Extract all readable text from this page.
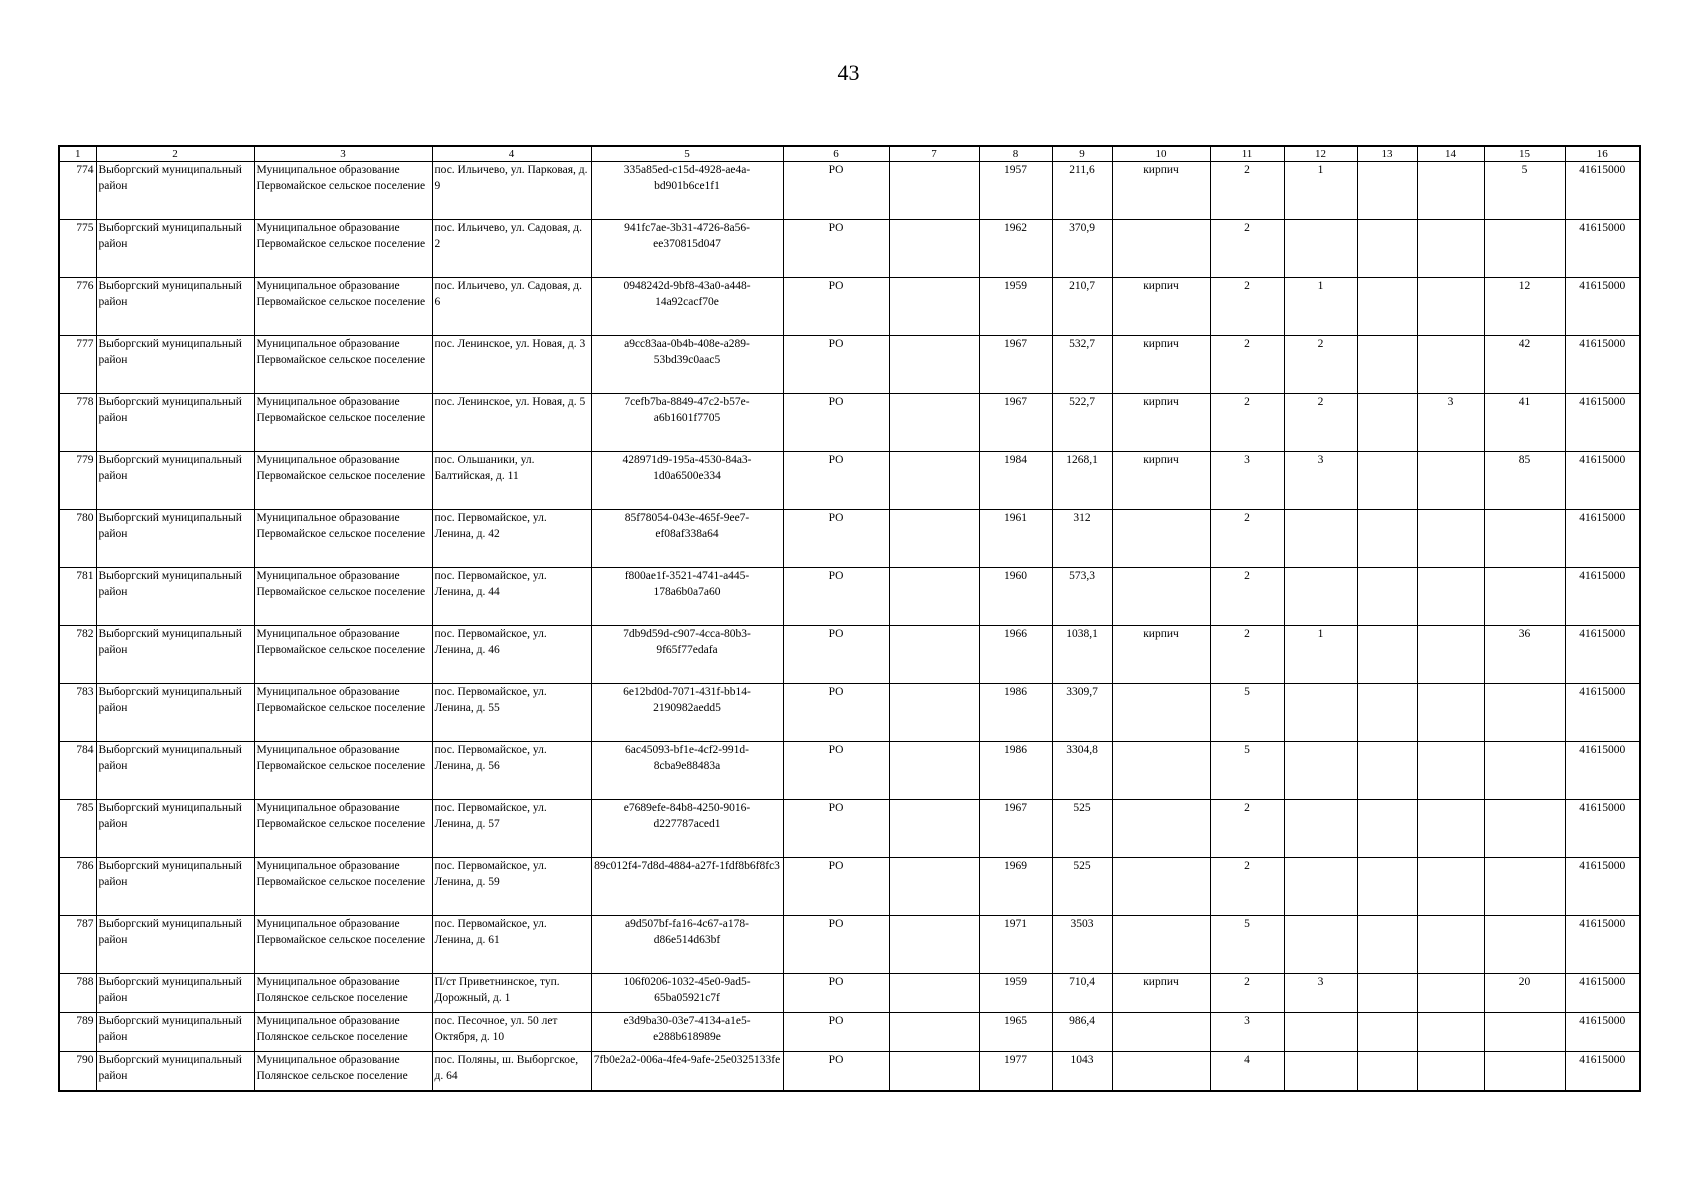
43
1	2	3	4	5	6	7	8	9	10	11	12	13	14	15	16
774	Выборгский муниципальный район	Муниципальное образование Первомайское сельское поселение	пос. Ильичево, ул. Парковая, д. 9	335a85ed-c15d-4928-ae4a-bd901b6ce1f1	РО		1957	211,6	кирпич	2	1			5	41615000
775	Выборгский муниципальный район	Муниципальное образование Первомайское сельское поселение	пос. Ильичево, ул. Садовая, д. 2	941fc7ae-3b31-4726-8a56-ee370815d047	РО		1962	370,9		2					41615000
776	Выборгский муниципальный район	Муниципальное образование Первомайское сельское поселение	пос. Ильичево, ул. Садовая, д. 6	0948242d-9bf8-43a0-a448-14a92cacf70e	РО		1959	210,7	кирпич	2	1			12	41615000
777	Выборгский муниципальный район	Муниципальное образование Первомайское сельское поселение	пос. Ленинское, ул. Новая, д. 3	a9cc83aa-0b4b-408e-a289-53bd39c0aac5	РО		1967	532,7	кирпич	2	2			42	41615000
778	Выборгский муниципальный район	Муниципальное образование Первомайское сельское поселение	пос. Ленинское, ул. Новая, д. 5	7cefb7ba-8849-47c2-b57e-a6b1601f7705	РО		1967	522,7	кирпич	2	2		3	41	41615000
779	Выборгский муниципальный район	Муниципальное образование Первомайское сельское поселение	пос. Ольшаники, ул. Балтийская, д. 11	428971d9-195a-4530-84a3-1d0a6500e334	РО		1984	1268,1	кирпич	3	3			85	41615000
780	Выборгский муниципальный район	Муниципальное образование Первомайское сельское поселение	пос. Первомайское, ул. Ленина, д. 42	85f78054-043e-465f-9ee7-ef08af338a64	РО		1961	312		2					41615000
781	Выборгский муниципальный район	Муниципальное образование Первомайское сельское поселение	пос. Первомайское, ул. Ленина, д. 44	f800ae1f-3521-4741-a445-178a6b0a7a60	РО		1960	573,3		2					41615000
782	Выборгский муниципальный район	Муниципальное образование Первомайское сельское поселение	пос. Первомайское, ул. Ленина, д. 46	7db9d59d-c907-4cca-80b3-9f65f77edafa	РО		1966	1038,1	кирпич	2	1			36	41615000
783	Выборгский муниципальный район	Муниципальное образование Первомайское сельское поселение	пос. Первомайское, ул. Ленина, д. 55	6e12bd0d-7071-431f-bb14-2190982aedd5	РО		1986	3309,7		5					41615000
784	Выборгский муниципальный район	Муниципальное образование Первомайское сельское поселение	пос. Первомайское, ул. Ленина, д. 56	6ac45093-bf1e-4cf2-991d-8cba9e88483a	РО		1986	3304,8		5					41615000
785	Выборгский муниципальный район	Муниципальное образование Первомайское сельское поселение	пос. Первомайское, ул. Ленина, д. 57	e7689efe-84b8-4250-9016-d227787aced1	РО		1967	525		2					41615000
786	Выборгский муниципальный район	Муниципальное образование Первомайское сельское поселение	пос. Первомайское, ул. Ленина, д. 59	89c012f4-7d8d-4884-a27f-1fdf8b6f8fc3	РО		1969	525		2					41615000
787	Выборгский муниципальный район	Муниципальное образование Первомайское сельское поселение	пос. Первомайское, ул. Ленина, д. 61	a9d507bf-fa16-4c67-a178-d86e514d63bf	РО		1971	3503		5					41615000
788	Выборгский муниципальный район	Муниципальное образование Полянское сельское поселение	П/ст Приветнинское, туп. Дорожный, д. 1	106f0206-1032-45e0-9ad5-65ba05921c7f	РО		1959	710,4	кирпич	2	3			20	41615000
789	Выборгский муниципальный район	Муниципальное образование Полянское сельское поселение	пос. Песочное, ул. 50 лет Октября, д. 10	e3d9ba30-03e7-4134-a1e5-e288b618989e	РО		1965	986,4		3					41615000
790	Выборгский муниципальный район	Муниципальное образование Полянское сельское поселение	пос. Поляны, ш. Выборгское, д. 64	7fb0e2a2-006a-4fe4-9afe-25e0325133fe	РО		1977	1043		4					41615000
